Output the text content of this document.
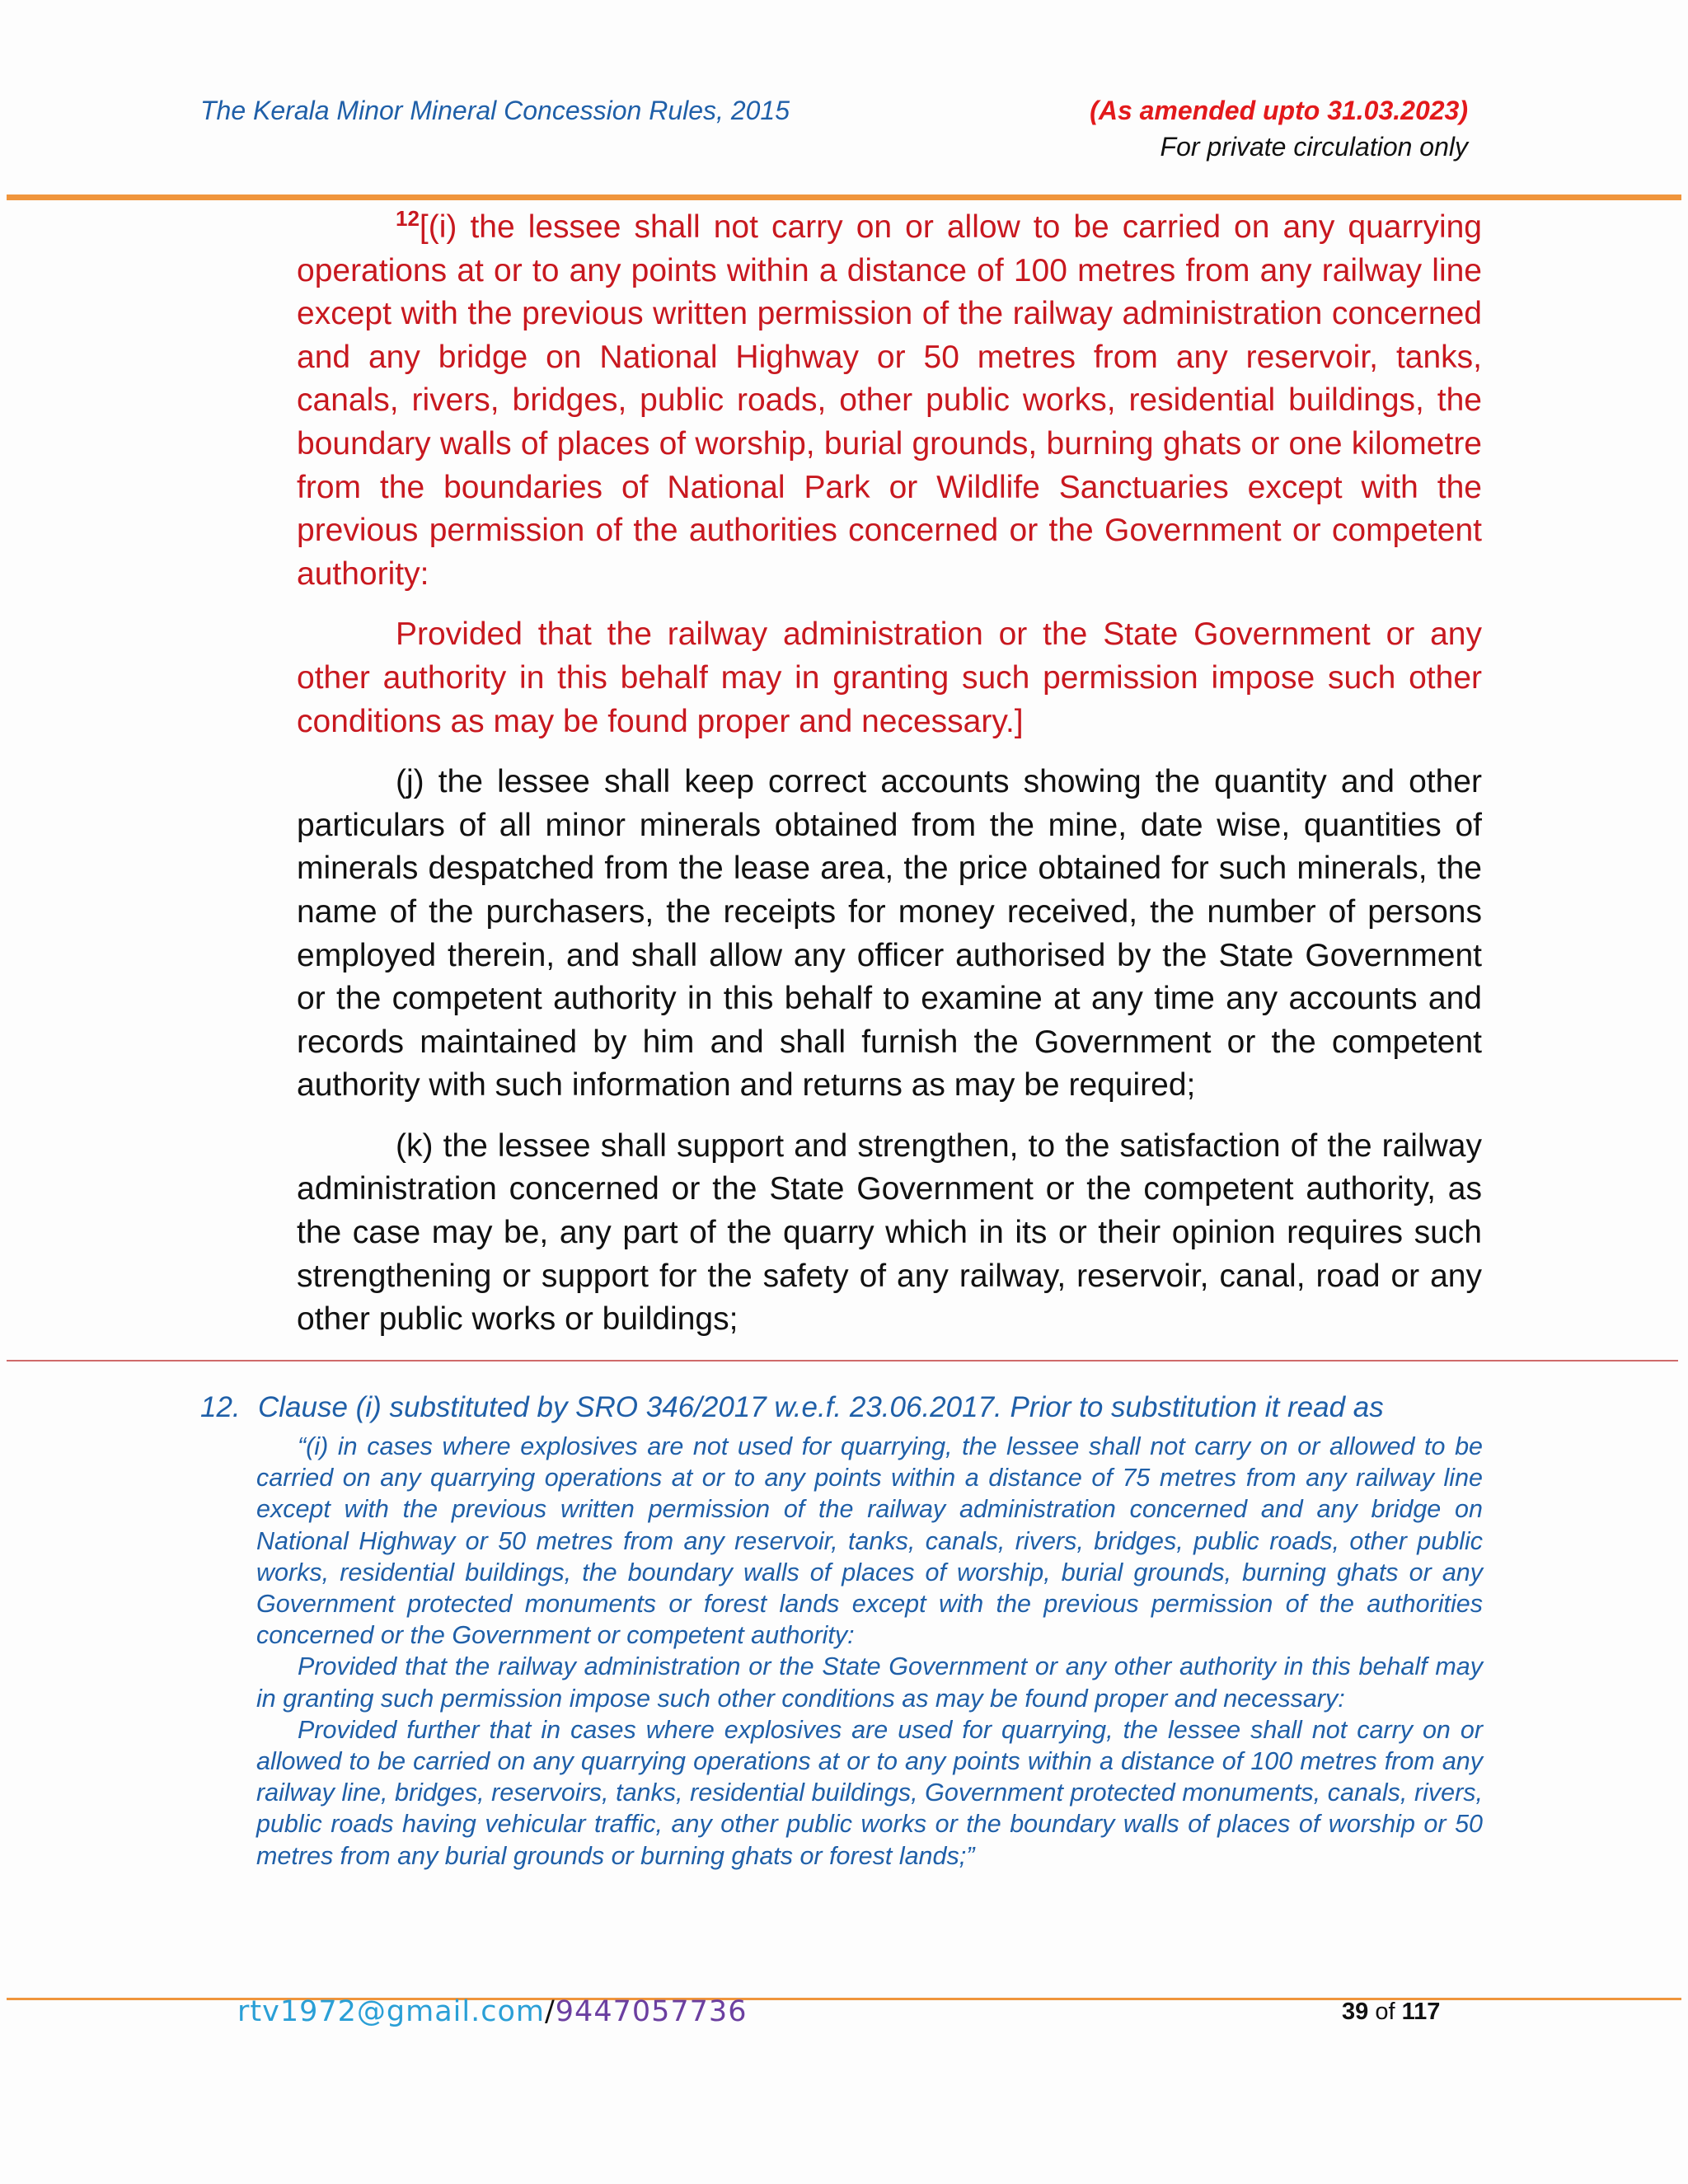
The Kerala Minor Mineral Concession Rules, 2015	(As amended upto 31.03.2023)
For private circulation only

$^{12}$[(i) the lessee shall not carry on or allow to be carried on any quarrying operations at or to any points within a distance of 100 metres from any railway line except with the previous written permission of the railway administration concerned and any bridge on National Highway or 50 metres from any reservoir, tanks, canals, rivers, bridges, public roads, other public works, residential buildings, the boundary walls of places of worship, burial grounds, burning ghats or one kilometre from the boundaries of National Park or Wildlife Sanctuaries except with the previous permission of the authorities concerned or the Government or competent authority:

Provided that the railway administration or the State Government or any other authority in this behalf may in granting such permission impose such other conditions as may be found proper and necessary.]

(j) the lessee shall keep correct accounts showing the quantity and other particulars of all minor minerals obtained from the mine, date wise, quantities of minerals despatched from the lease area, the price obtained for such minerals, the name of the purchasers, the receipts for money received, the number of persons employed therein, and shall allow any officer authorised by the State Government or the competent authority in this behalf to examine at any time any accounts and records maintained by him and shall furnish the Government or the competent authority with such information and returns as may be required;

(k) the lessee shall support and strengthen, to the satisfaction of the railway administration concerned or the State Government or the competent authority, as the case may be, any part of the quarry which in its or their opinion requires such strengthening or support for the safety of any railway, reservoir, canal, road or any other public works or buildings;

12. Clause (i) substituted by SRO 346/2017 w.e.f. 23.06.2017. Prior to substitution it read as

“(i) in cases where explosives are not used for quarrying, the lessee shall not carry on or allowed to be carried on any quarrying operations at or to any points within a distance of 75 metres from any railway line except with the previous written permission of the railway administration concerned and any bridge on National Highway or 50 metres from any reservoir, tanks, canals, rivers, bridges, public roads, other public works, residential buildings, the boundary walls of places of worship, burial grounds, burning ghats or any Government protected monuments or forest lands except with the previous permission of the authorities concerned or the Government or competent authority:

Provided that the railway administration or the State Government or any other authority in this behalf may in granting such permission impose such other conditions as may be found proper and necessary:

Provided further that in cases where explosives are used for quarrying, the lessee shall not carry on or allowed to be carried on any quarrying operations at or to any points within a distance of 100 metres from any railway line, bridges, reservoirs, tanks, residential buildings, Government protected monuments, canals, rivers, public roads having vehicular traffic, any other public works or the boundary walls of places of worship or 50 metres from any burial grounds or burning ghats or forest lands;”

rtv1972@gmail.com/9447057736	39 of 117
